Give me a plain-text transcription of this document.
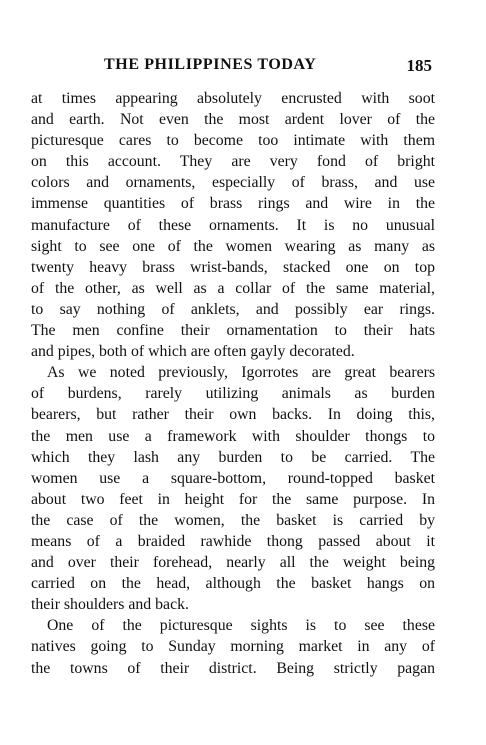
THE PHILIPPINES TODAY	185
at times appearing absolutely encrusted with soot
and earth. Not even the most ardent lover of the
picturesque cares to become too intimate with them
on this account. They are very fond of bright
colors and ornaments, especially of brass, and use
immense quantities of brass rings and wire in the
manufacture of these ornaments. It is no unusual
sight to see one of the women wearing as many as
twenty heavy brass wrist-bands, stacked one on top
of the other, as well as a collar of the same material,
to say nothing of anklets, and possibly ear rings.
The men confine their ornamentation to their hats
and pipes, both of which are often gayly decorated.
As we noted previously, Igorrotes are great bearers
of burdens, rarely utilizing animals as burden
bearers, but rather their own backs. In doing this,
the men use a framework with shoulder thongs to
which they lash any burden to be carried. The
women use a square-bottom, round-topped basket
about two feet in height for the same purpose. In
the case of the women, the basket is carried by
means of a braided rawhide thong passed about it
and over their forehead, nearly all the weight being
carried on the head, although the basket hangs on
their shoulders and back.
One of the picturesque sights is to see these
natives going to Sunday morning market in any of
the towns of their district. Being strictly pagan
